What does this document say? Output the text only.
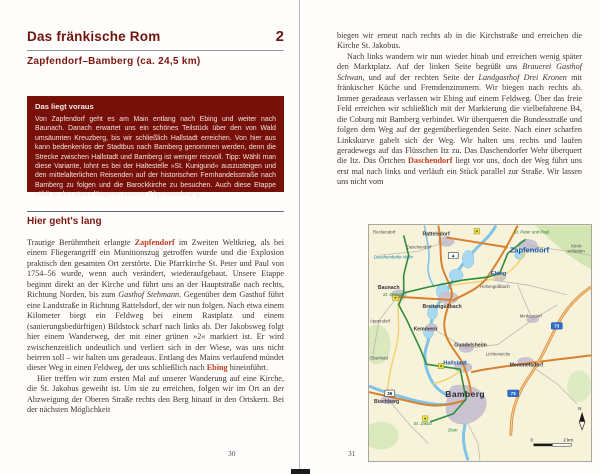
Das fränkische Rom	2
Zapfendorf–Bamberg (ca. 24,5 km)

Das liegt voraus

Von Zapfendorf geht es am Main entlang nach Ebing und weiter nach Baunach. Danach erwartet uns ein schönes Teilstück über den von Wald umsäumten Kreuzberg, bis wir schließlich Hallstadt erreichen. Von hier aus kann bedenkenlos der Stadtbus nach Bamberg genommen werden, denn die Strecke zwischen Hallstadt und Bamberg ist weniger reizvoll. Tipp: Wählt man diese Variante, lohnt es bei der Haltestelle »St. Kunigund« auszusteigen und den mittelalterlichen Reisenden auf der historischen Fernhandelsstraße nach Bamberg zu folgen und die Barockkirche zu besuchen. Auch diese Etappe zählt zu den etwas längeren unserer Pilgerwanderung.

Hier geht's lang

Traurige Berühmtheit erlangte Zapfendorf im Zweiten Weltkrieg, als bei einem Fliegerangriff ein Munitionszug getroffen wurde und die Explosion praktisch den gesamten Ort zerstörte. Die Pfarrkirche St. Peter und Paul von 1754–56 wurde, wenn auch verändert, wiederaufgebaut. Unsere Etappe beginnt direkt an der Kirche und führt uns an der Hauptstraße nach rechts, Richtung Norden, bis zum Gasthof Stehmann. Gegenüber dem Gasthof führt eine Landstraße in Richtung Rattelsdorf, der wir nun folgen. Nach etwa einem Kilometer biegt ein Feldweg bei einem Rastplatz und einem (sanierungsbedürftigen) Bildstock scharf nach links ab. Der Jakobsweg folgt hier einem Wanderweg, der mit einer grünen »2« markiert ist. Er wird zwischenzeitlich undeutlich und verliert sich in der Wiese, was uns nicht beirren soll – wir halten uns geradeaus. Entlang des Mains verlaufend mündet dieser Weg in einen Feldweg, der uns schließlich nach Ebing hineinführt.

Hier treffen wir zum ersten Mal auf unserer Wanderung auf eine Kirche, die St. Jakobus geweiht ist. Um sie zu erreichen, folgen wir im Ort an der Abzweigung der Oberen Straße rechts den Berg hinauf in den Ortskern. Bei der nächsten Möglichkeit

30

biegen wir erneut nach rechts ab in die Kirchstraße und erreichen die Kirche St. Jakobus.

Nach links wandern wir nun wieder hinab und erreichen wenig später den Marktplatz. Auf der linken Seite begrüßt uns Brauerei Gasthof Schwan, und auf der rechten Seite der Landgasthof Drei Kronen mit fränkischer Küche und Fremdenzimmern. Wir biegen nach rechts ab. Immer geradeaus verlassen wir Ebing auf einem Feldweg. Über das freie Feld erreichen wir schließlich mit der Markierung die vielbefahrene B4, die Coburg mit Bamberg verbindet. Wir überqueren die Bundesstraße und folgen dem Weg auf der gegenüberliegenden Seite. Nach einer scharfen Linkskurve gabelt sich der Weg. Wir halten uns rechts und laufen geradewegs auf das Flüsschen Itz zu. Das Daschendorfer Wehr überquert die Itz. Das Örtchen Daschendorf liegt vor uns, doch der Weg führt uns erst mal nach links und verläuft ein Stück parallel zur Straße. Wir lassen uns nicht vom

4
26
73
73
Reckendorf	Rattelsdorf
Zapfendorf	Kirch-
schletten
St. Peter und Paul
Daschendorf
Daschendorfer Wehr
Ebing
Baunach
St. Oswald
Hohengüßbach
Breitengüßbach
Merkendorf
Appendorf
Kemmern
Gundelsheim
Lichteneiche
Oberhaid
Memmelsdorf
Hallstadt
Bamberg
Bischberg
St. Jakob
Dom
0	2 km
N
31
